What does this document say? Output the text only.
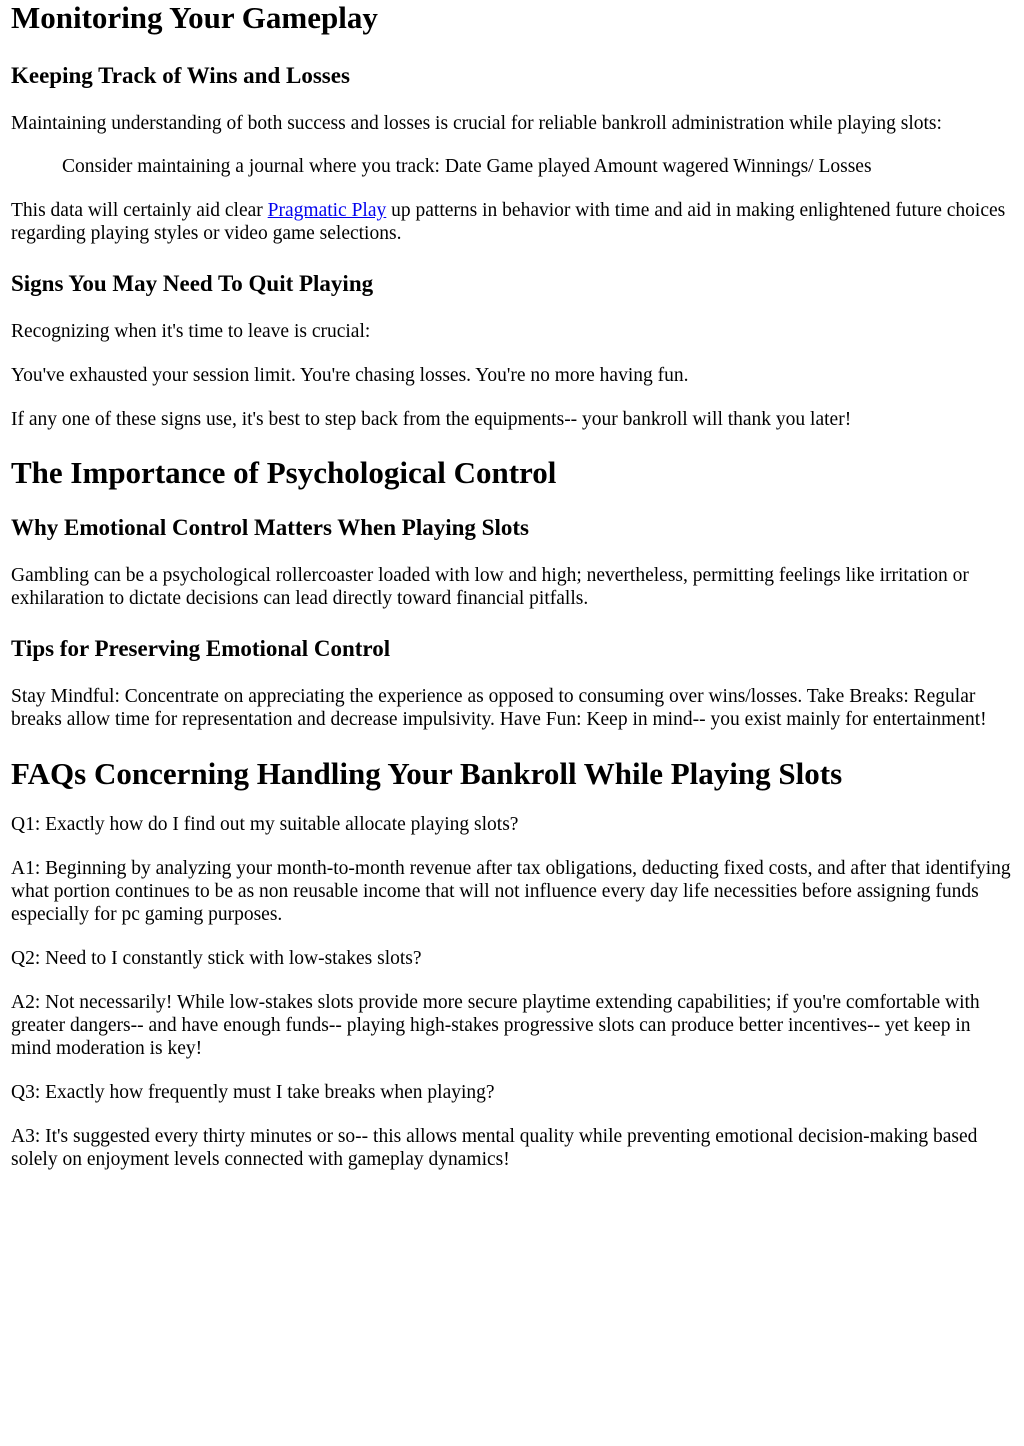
Monitoring Your Gameplay
Keeping Track of Wins and Losses

Maintaining understanding of both success and losses is crucial for reliable bankroll administration while playing slots:

Consider maintaining a journal where you track: Date Game played Amount wagered Winnings/ Losses

This data will certainly aid clear Pragmatic Play up patterns in behavior with time and aid in making enlightened future choices regarding playing styles or video game selections.

Signs You May Need To Quit Playing

Recognizing when it's time to leave is crucial:

You've exhausted your session limit. You're chasing losses. You're no more having fun.

If any one of these signs use, it's best to step back from the equipments-- your bankroll will thank you later!

The Importance of Psychological Control
Why Emotional Control Matters When Playing Slots

Gambling can be a psychological rollercoaster loaded with low and high; nevertheless, permitting feelings like irritation or exhilaration to dictate decisions can lead directly toward financial pitfalls.

Tips for Preserving Emotional Control

Stay Mindful: Concentrate on appreciating the experience as opposed to consuming over wins/losses. Take Breaks: Regular breaks allow time for representation and decrease impulsivity. Have Fun: Keep in mind-- you exist mainly for entertainment!

FAQs Concerning Handling Your Bankroll While Playing Slots

Q1: Exactly how do I find out my suitable allocate playing slots?

A1: Beginning by analyzing your month-to-month revenue after tax obligations, deducting fixed costs, and after that identifying what portion continues to be as non reusable income that will not influence every day life necessities before assigning funds especially for pc gaming purposes.

Q2: Need to I constantly stick with low-stakes slots?

A2: Not necessarily! While low-stakes slots provide more secure playtime extending capabilities; if you're comfortable with greater dangers-- and have enough funds-- playing high-stakes progressive slots can produce better incentives-- yet keep in mind moderation is key!

Q3: Exactly how frequently must I take breaks when playing?

A3: It's suggested every thirty minutes or so-- this allows mental quality while preventing emotional decision-making based solely on enjoyment levels connected with gameplay dynamics!
